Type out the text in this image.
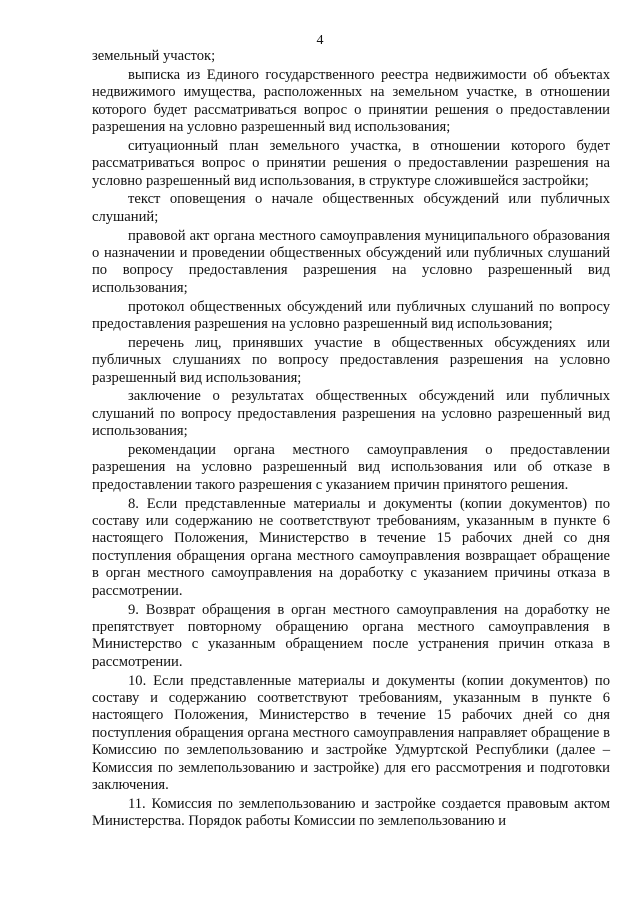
4

земельный участок;

выписка из Единого государственного реестра недвижимости об объектах недвижимого имущества, расположенных на земельном участке, в отношении которого будет рассматриваться вопрос о принятии решения о предоставлении разрешения на условно разрешенный вид использования;

ситуационный план земельного участка, в отношении которого будет рассматриваться вопрос о принятии решения о предоставлении разрешения на условно разрешенный вид использования, в структуре сложившейся застройки;

текст оповещения о начале общественных обсуждений или публичных слушаний;

правовой акт органа местного самоуправления муниципального образования о назначении и проведении общественных обсуждений или публичных слушаний по вопросу предоставления разрешения на условно разрешенный вид использования;

протокол общественных обсуждений или публичных слушаний по вопросу предоставления разрешения на условно разрешенный вид использования;

перечень лиц, принявших участие в общественных обсуждениях или публичных слушаниях по вопросу предоставления разрешения на условно разрешенный вид использования;

заключение о результатах общественных обсуждений или публичных слушаний по вопросу предоставления разрешения на условно разрешенный вид использования;

рекомендации органа местного самоуправления о предоставлении разрешения на условно разрешенный вид использования или об отказе в предоставлении такого разрешения с указанием причин принятого решения.

8. Если представленные материалы и документы (копии документов) по составу или содержанию не соответствуют требованиям, указанным в пункте 6 настоящего Положения, Министерство в течение 15 рабочих дней со дня поступления обращения органа местного самоуправления возвращает обращение в орган местного самоуправления на доработку с указанием причины отказа в рассмотрении.

9. Возврат обращения в орган местного самоуправления на доработку не препятствует повторному обращению органа местного самоуправления в Министерство с указанным обращением после устранения причин отказа в рассмотрении.

10. Если представленные материалы и документы (копии документов) по составу и содержанию соответствуют требованиям, указанным в пункте 6 настоящего Положения, Министерство в течение 15 рабочих дней со дня поступления обращения органа местного самоуправления направляет обращение в Комиссию по землепользованию и застройке Удмуртской Республики (далее – Комиссия по землепользованию и застройке) для его рассмотрения и подготовки заключения.

11. Комиссия по землепользованию и застройке создается правовым актом Министерства. Порядок работы Комиссии по землепользованию и
